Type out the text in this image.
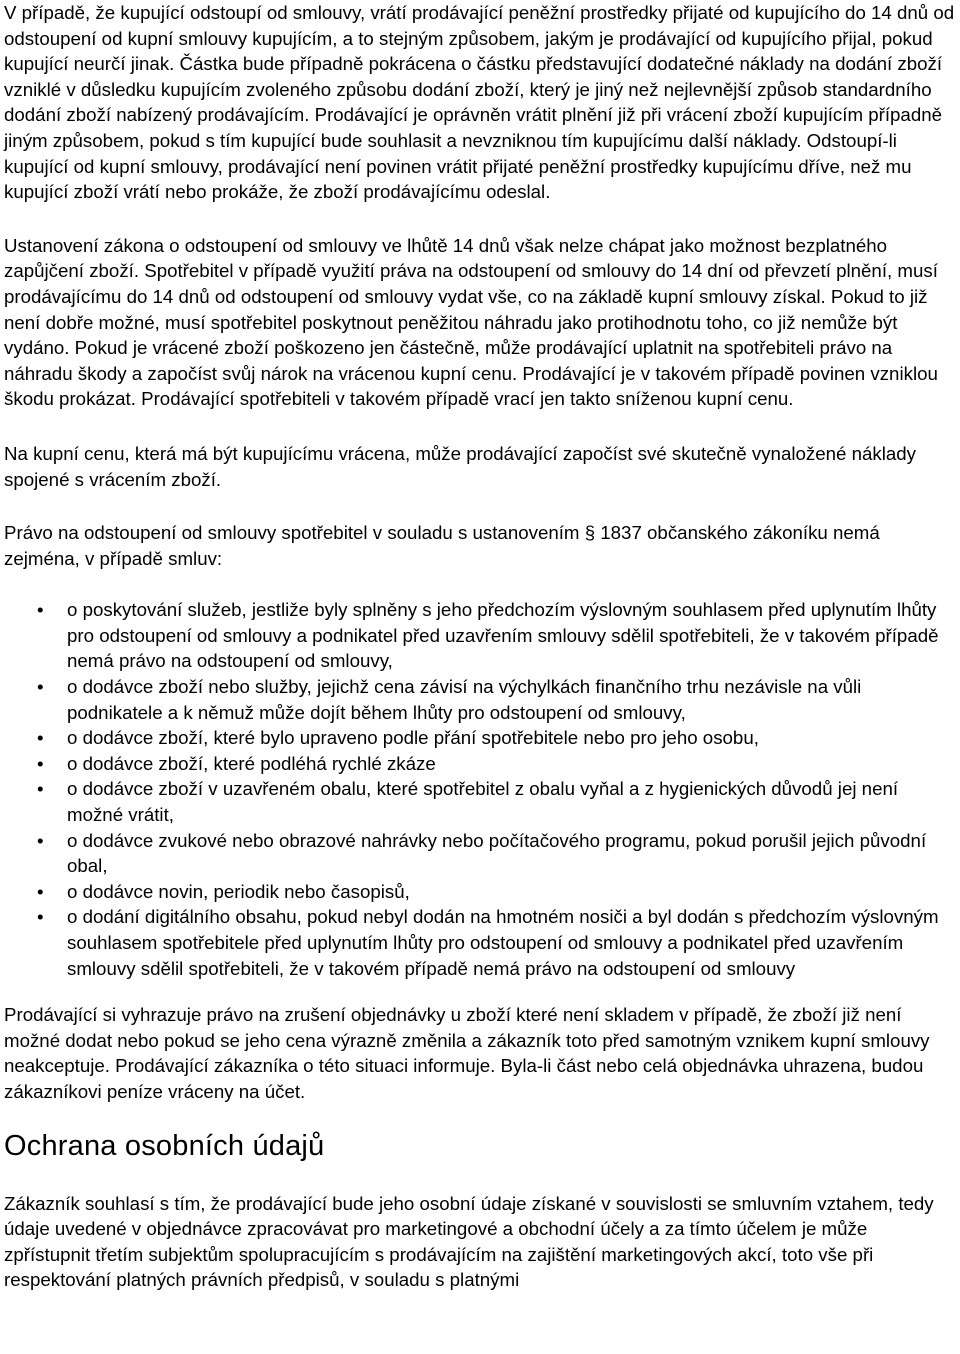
V případě, že kupující odstoupí od smlouvy, vrátí prodávající peněžní prostředky přijaté od kupujícího do 14 dnů od odstoupení od kupní smlouvy kupujícím, a to stejným způsobem, jakým je prodávající od kupujícího přijal, pokud kupující neurčí jinak. Částka bude případně pokrácena o částku představující dodatečné náklady na dodání zboží vzniklé v důsledku kupujícím zvoleného způsobu dodání zboží, který je jiný než nejlevnější způsob standardního dodání zboží nabízený prodávajícím. Prodávající je oprávněn vrátit plnění již při vrácení zboží kupujícím případně jiným způsobem, pokud s tím kupující bude souhlasit a nevzniknou tím kupujícímu další náklady. Odstoupí-li kupující od kupní smlouvy, prodávající není povinen vrátit přijaté peněžní prostředky kupujícímu dříve, než mu kupující zboží vrátí nebo prokáže, že zboží prodávajícímu odeslal.

Ustanovení zákona o odstoupení od smlouvy ve lhůtě 14 dnů však nelze chápat jako možnost bezplatného zapůjčení zboží. Spotřebitel v případě využití práva na odstoupení od smlouvy do 14 dní od převzetí plnění, musí prodávajícímu do 14 dnů od odstoupení od smlouvy vydat vše, co na základě kupní smlouvy získal. Pokud to již není dobře možné, musí spotřebitel poskytnout peněžitou náhradu jako protihodnotu toho, co již nemůže být vydáno. Pokud je vrácené zboží poškozeno jen částečně, může prodávající uplatnit na spotřebiteli právo na náhradu škody a započíst svůj nárok na vrácenou kupní cenu. Prodávající je v takovém případě povinen vzniklou škodu prokázat. Prodávající spotřebiteli v takovém případě vrací jen takto sníženou kupní cenu.

Na kupní cenu, která má být kupujícímu vrácena, může prodávající započíst své skutečně vynaložené náklady spojené s vrácením zboží.

Právo na odstoupení od smlouvy spotřebitel v souladu s ustanovením § 1837 občanského zákoníku nemá zejména, v případě smluv:

• o poskytování služeb, jestliže byly splněny s jeho předchozím výslovným souhlasem před uplynutím lhůty pro odstoupení od smlouvy a podnikatel před uzavřením smlouvy sdělil spotřebiteli, že v takovém případě nemá právo na odstoupení od smlouvy,
• o dodávce zboží nebo služby, jejichž cena závisí na výchylkách finančního trhu nezávisle na vůli podnikatele a k němuž může dojít během lhůty pro odstoupení od smlouvy,
• o dodávce zboží, které bylo upraveno podle přání spotřebitele nebo pro jeho osobu,
• o dodávce zboží, které podléhá rychlé zkáze
• o dodávce zboží v uzavřeném obalu, které spotřebitel z obalu vyňal a z hygienických důvodů jej není možné vrátit,
• o dodávce zvukové nebo obrazové nahrávky nebo počítačového programu, pokud porušil jejich původní obal,
• o dodávce novin, periodik nebo časopisů,
• o dodání digitálního obsahu, pokud nebyl dodán na hmotném nosiči a byl dodán s předchozím výslovným souhlasem spotřebitele před uplynutím lhůty pro odstoupení od smlouvy a podnikatel před uzavřením smlouvy sdělil spotřebiteli, že v takovém případě nemá právo na odstoupení od smlouvy

Prodávající si vyhrazuje právo na zrušení objednávky u zboží které není skladem v případě, že zboží již není možné dodat nebo pokud se jeho cena výrazně změnila a zákazník toto před samotným vznikem kupní smlouvy neakceptuje. Prodávající zákazníka o této situaci informuje. Byla-li část nebo celá objednávka uhrazena, budou zákazníkovi peníze vráceny na účet.

Ochrana osobních údajů

Zákazník souhlasí s tím, že prodávající bude jeho osobní údaje získané v souvislosti se smluvním vztahem, tedy údaje uvedené v objednávce zpracovávat pro marketingové a obchodní účely a za tímto účelem je může zpřístupnit třetím subjektům spolupracujícím s prodávajícím na zajištění marketingových akcí, toto vše při respektování platných právních předpisů, v souladu s platnými
